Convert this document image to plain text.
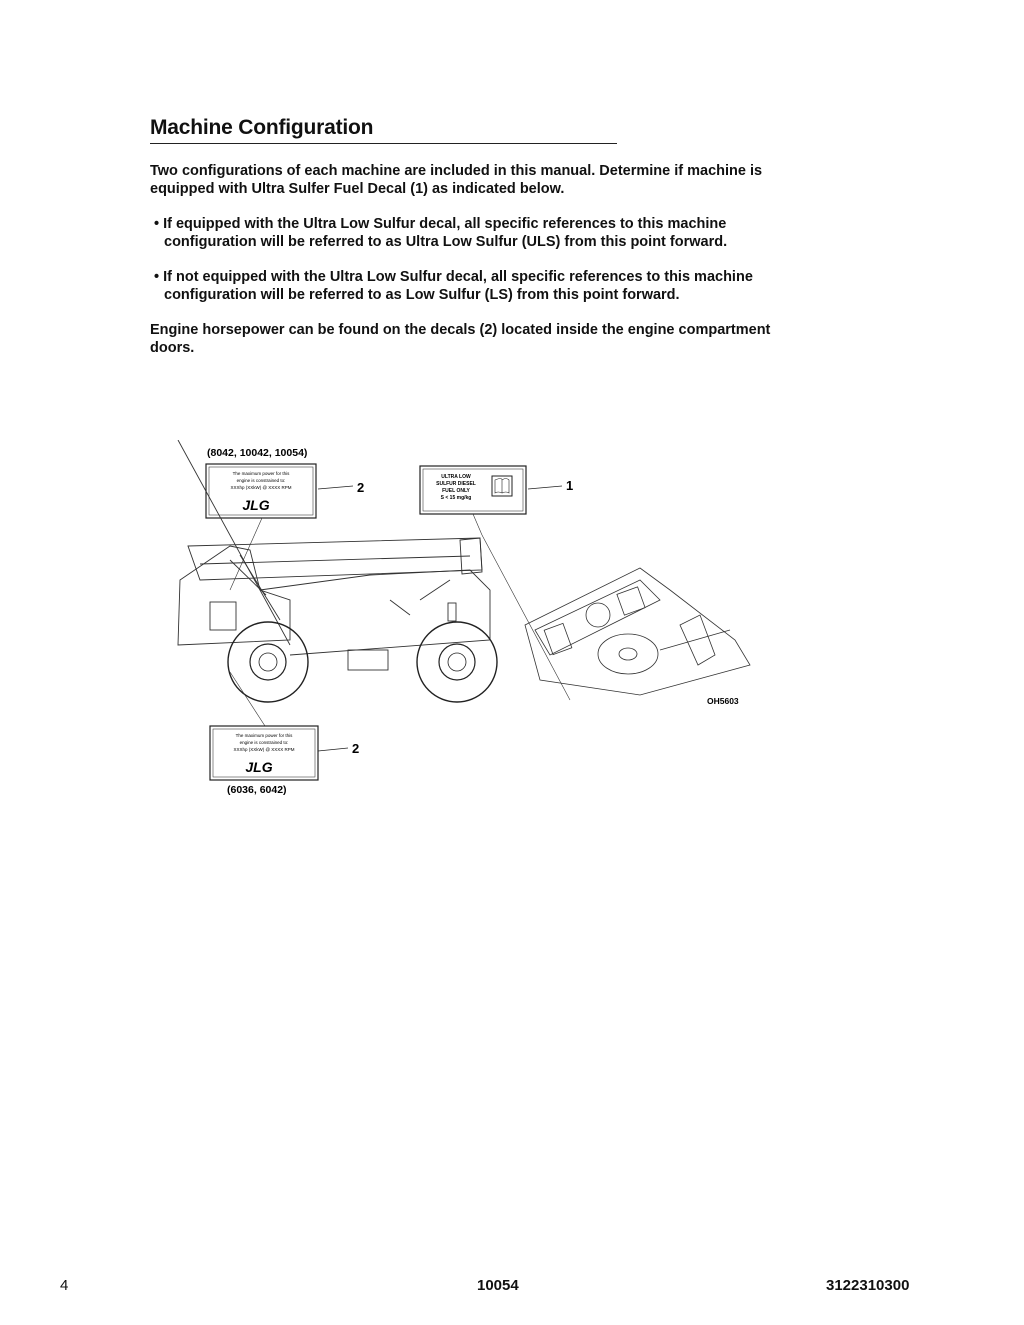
Machine Configuration
Two configurations of each machine are included in this manual. Determine if machine is equipped with Ultra Sulfer Fuel Decal (1) as indicated below.
• If equipped with the Ultra Low Sulfur decal, all specific references to this machine configuration will be referred to as Ultra Low Sulfur (ULS) from this point forward.
• If not equipped with the Ultra Low Sulfur decal, all specific references to this machine configuration will be referred to as Low Sulfur (LS) from this point forward.
Engine horsepower can be found on the decals (2) located inside the engine compartment doors.
(8042, 10042, 10054)
The maximum power for this
engine is constrained to:
XXXhp (XXkW) @ XXXX RPM
JLG
2
ULTRA LOW
SULFUR DIESEL
FUEL ONLY
S < 15 mg/kg
1
OH5603
The maximum power for this
engine is constrained to:
XXXhp (XXkW) @ XXXX RPM
JLG
2
(6036, 6042)
4	10054	3122310300
